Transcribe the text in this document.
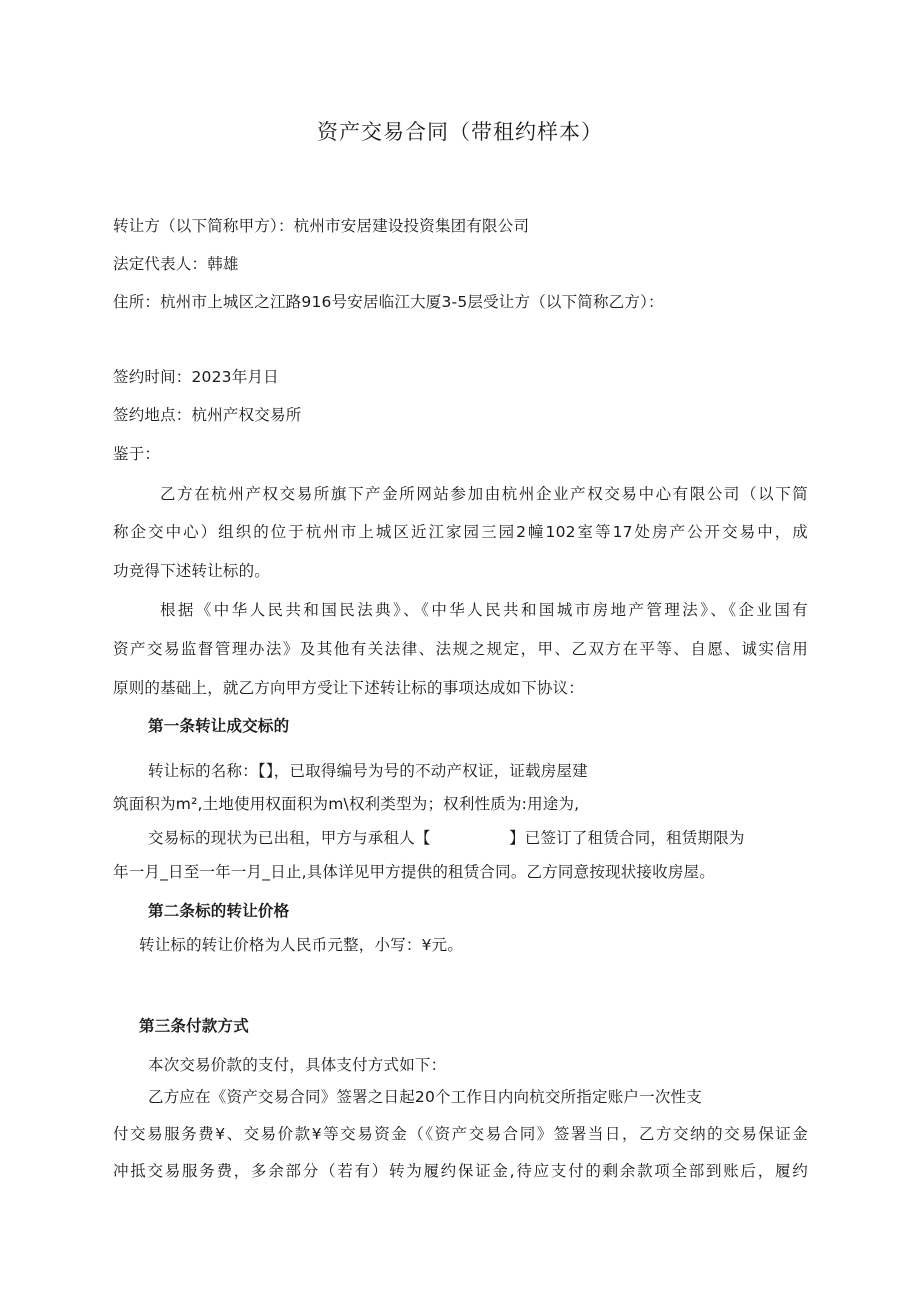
资产交易合同（带租约样本）
转让方（以下简称甲方）：杭州市安居建设投资集团有限公司
法定代表人：韩雄
住所：杭州市上城区之江路916号安居临江大厦3-5层受让方（以下简称乙方）：
签约时间：2023年月日
签约地点：杭州产权交易所
鉴于：
乙方在杭州产权交易所旗下产金所网站参加由杭州企业产权交易中心有限公司（以下简
称企交中心）组织的位于杭州市上城区近江家园三园2幢102室等17处房产公开交易中，成
功竞得下述转让标的。
根据《中华人民共和国民法典》、《中华人民共和国城市房地产管理法》、《企业国有
资产交易监督管理办法》及其他有关法律、法规之规定，甲、乙双方在平等、自愿、诚实信用
原则的基础上，就乙方向甲方受让下述转让标的事项达成如下协议：
第一条转让成交标的
转让标的名称：【】，已取得编号为号的不动产权证，证载房屋建
筑面积为m²,土地使用权面积为m\权利类型为；权利性质为:用途为,
交易标的现状为已出租，甲方与承租人【　　　　　】已签订了租赁合同，租赁期限为
年一月_日至一年一月_日止,具体详见甲方提供的租赁合同。乙方同意按现状接收房屋。
第二条标的转让价格
转让标的转让价格为人民币元整，小写：¥元。
第三条付款方式
本次交易价款的支付，具体支付方式如下：
乙方应在《资产交易合同》签署之日起20个工作日内向杭交所指定账户一次性支
付交易服务费¥、交易价款¥等交易资金（《资产交易合同》签署当日，乙方交纳的交易保证金
冲抵交易服务费，多余部分（若有）转为履约保证金,待应支付的剩余款项全部到账后，履约
